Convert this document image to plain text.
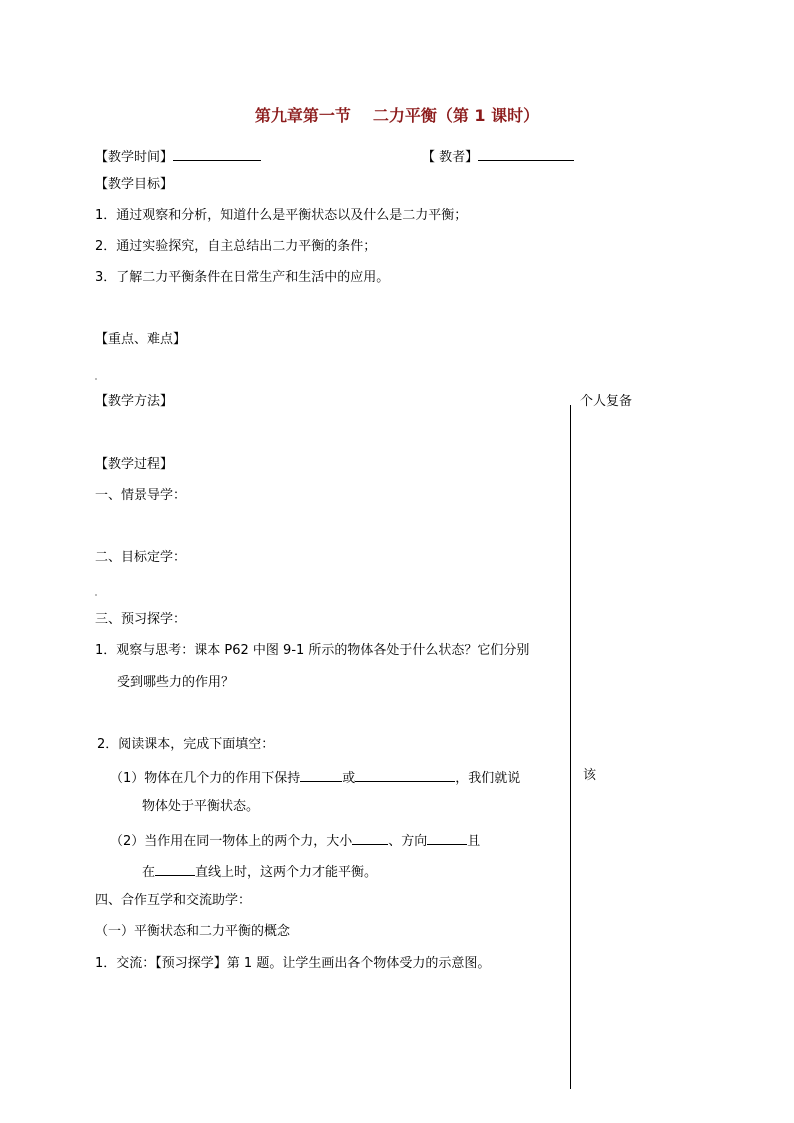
第九章第一节 二力平衡（第 1 课时）
【教学时间】	【 教者】
【教学目标】
1．通过观察和分析，知道什么是平衡状态以及什么是二力平衡；
2．通过实验探究，自主总结出二力平衡的条件；
3．了解二力平衡条件在日常生产和生活中的应用。
【重点、难点】
【教学方法】	个人复备
【教学过程】
一、情景导学：
二、目标定学：
三、预习探学：
1．观察与思考：课本 P62 中图 9-1 所示的物体各处于什么状态？它们分别
受到哪些力的作用？
2．阅读课本，完成下面填空：
（1）物体在几个力的作用下保持	或	，我们就说	该
物体处于平衡状态。
（2）当作用在同一物体上的两个力，大小	、方向	且
在	直线上时，这两个力才能平衡。
四、合作互学和交流助学：
（一）平衡状态和二力平衡的概念
1．交流：【预习探学】第 1 题。让学生画出各个物体受力的示意图。
